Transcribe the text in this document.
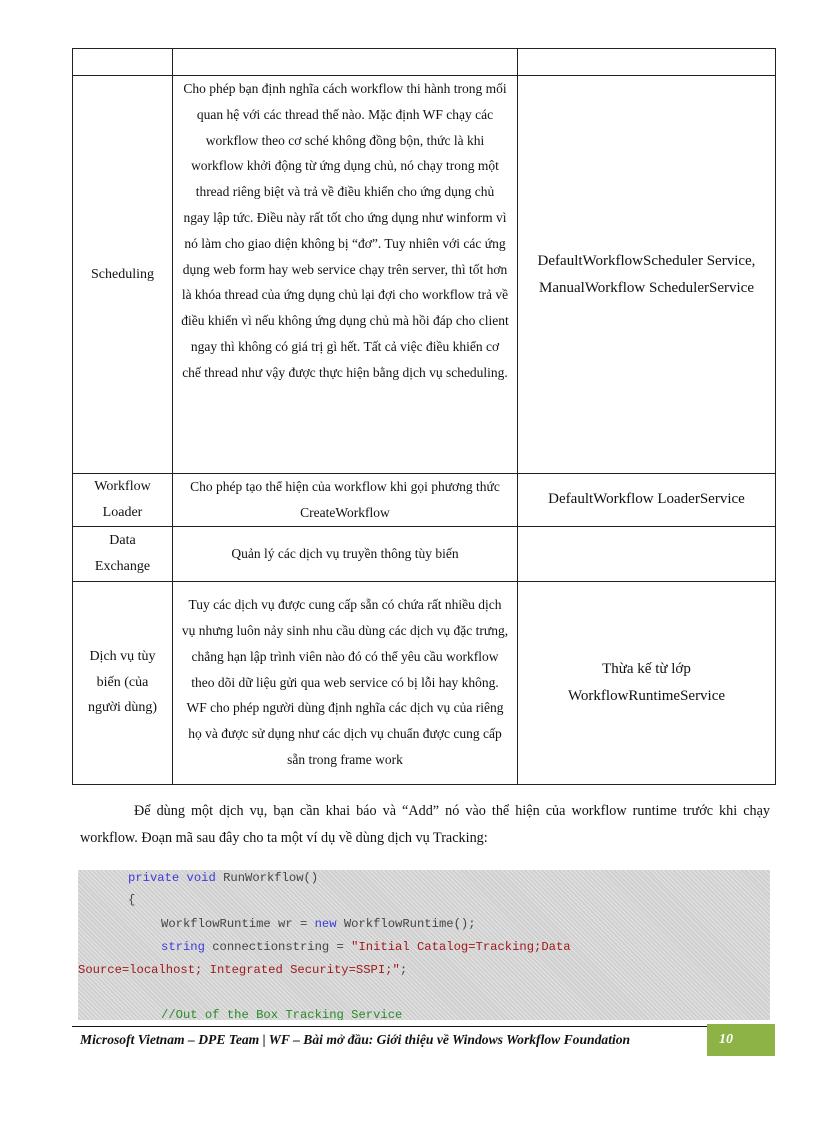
Scheduling	Cho phép bạn định nghĩa cách workflow thi hành trong mối quan hệ với các thread thế nào. Mặc định WF chạy các workflow theo cơ sché không đồng bộn, thức là khi workflow khởi động từ ứng dụng chủ, nó chạy trong một thread riêng biệt và trả về điều khiển cho ứng dụng chủ ngay lập tức. Điều này rất tốt cho ứng dụng như winform vì nó làm cho giao diện không bị “đơ”. Tuy nhiên với các ứng dụng web form hay web service chạy trên server, thì tốt hơn là khóa thread của ứng dụng chủ lại đợi cho workflow trả về điều khiển vì nếu không ứng dụng chủ mà hồi đáp cho client ngay thì không có giá trị gì hết. Tất cả việc điều khiển cơ chế thread như vậy được thực hiện bằng dịch vụ scheduling.	DefaultWorkflowScheduler Service, ManualWorkflow SchedulerService
Workflow Loader	Cho phép tạo thể hiện của workflow khi gọi phương thức CreateWorkflow	DefaultWorkflow LoaderService
Data Exchange	Quản lý các dịch vụ truyền thông tùy biến	
Dịch vụ tùy biến (của người dùng)	Tuy các dịch vụ được cung cấp sẵn có chứa rất nhiều dịch vụ nhưng luôn nảy sinh nhu cầu dùng các dịch vụ đặc trưng, chẳng hạn lập trình viên nào đó có thể yêu cầu workflow theo dõi dữ liệu gửi qua web service có bị lỗi hay không. WF cho phép người dùng định nghĩa các dịch vụ của riêng họ và được sử dụng như các dịch vụ chuẩn được cung cấp sẵn trong frame work	Thừa kế từ lớp WorkflowRuntimeService
Để dùng một dịch vụ, bạn cần khai báo và “Add” nó vào thể hiện của workflow runtime trước khi chạy workflow. Đoạn mã sau đây cho ta một ví dụ về dùng dịch vụ Tracking:
private void RunWorkflow()
{
WorkflowRuntime wr = new WorkflowRuntime();
string connectionstring = "Initial Catalog=Tracking;Data
Source=localhost; Integrated Security=SSPI;";
//Out of the Box Tracking Service
Microsoft Vietnam – DPE Team | WF – Bài mở đầu: Giới thiệu về Windows Workflow Foundation	10
